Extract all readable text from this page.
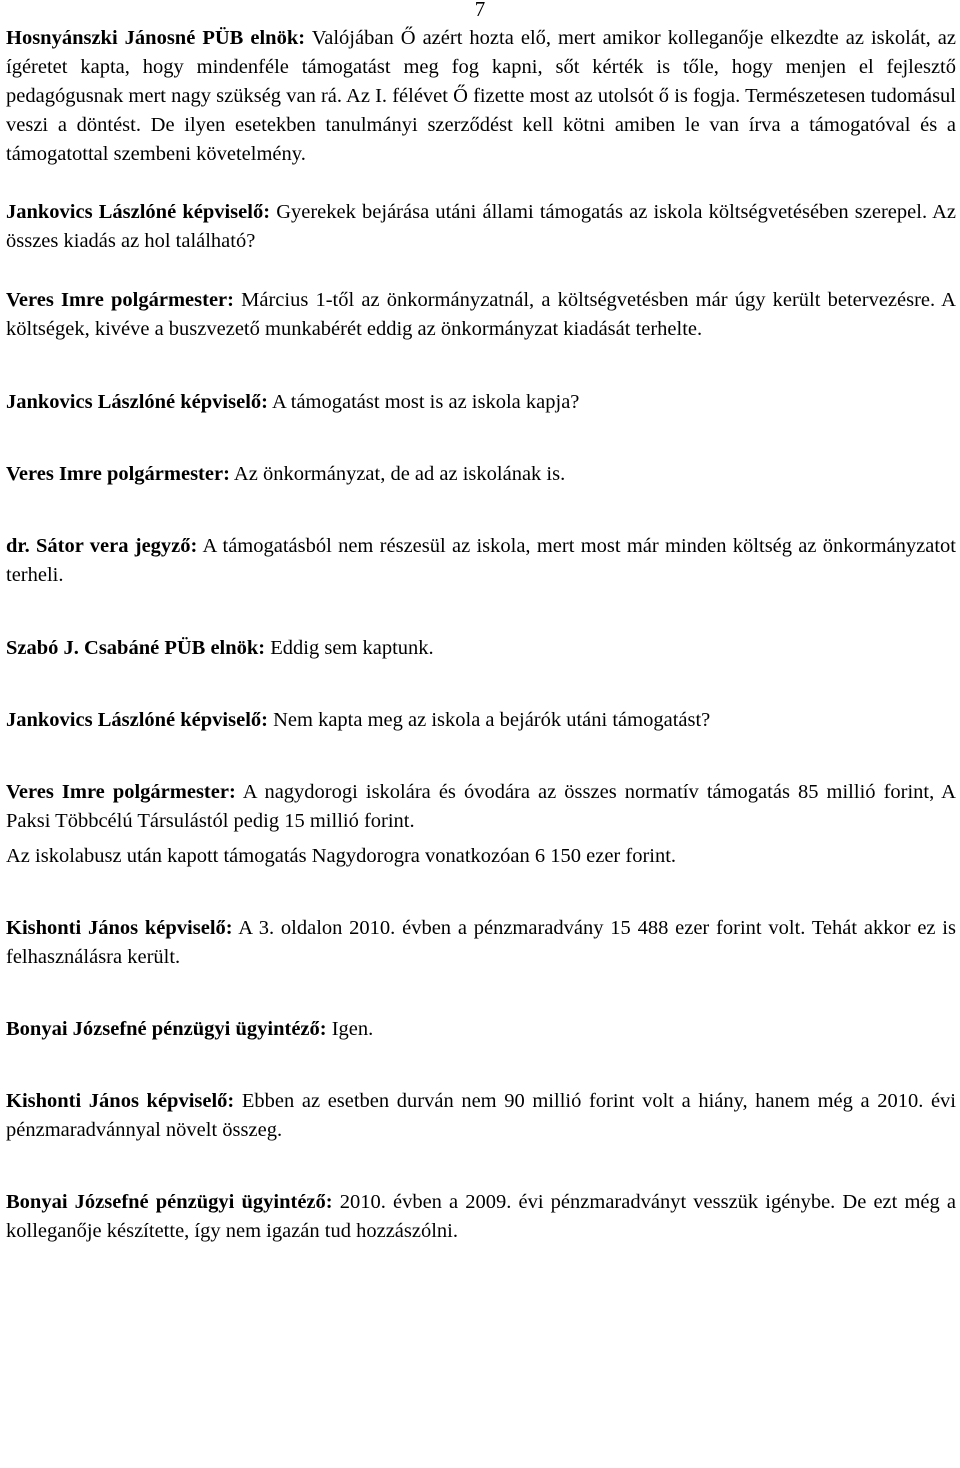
7

Hosnyánszki Jánosné PÜB elnök: Valójában Ő azért hozta elő, mert amikor kolleganője elkezdte az iskolát, az ígéretet kapta, hogy mindenféle támogatást meg fog kapni, sőt kérték is tőle, hogy menjen el fejlesztő pedagógusnak mert nagy szükség van rá. Az I. félévet Ő fizette most az utolsót ő is fogja. Természetesen tudomásul veszi a döntést. De ilyen esetekben tanulmányi szerződést kell kötni amiben le van írva a támogatóval és a támogatottal szembeni követelmény.

Jankovics Lászlóné képviselő: Gyerekek bejárása utáni állami támogatás az iskola költségvetésében szerepel. Az összes kiadás az hol található?

Veres Imre polgármester: Március 1-től az önkormányzatnál, a költségvetésben már úgy került betervezésre. A költségek, kivéve a buszvezető munkabérét eddig az önkormányzat kiadását terhelte.

Jankovics Lászlóné képviselő: A támogatást most is az iskola kapja?

Veres Imre polgármester: Az önkormányzat, de ad az iskolának is.

dr. Sátor vera jegyző: A támogatásból nem részesül az iskola, mert most már minden költség az önkormányzatot terheli.

Szabó J. Csabáné PÜB elnök: Eddig sem kaptunk.

Jankovics Lászlóné képviselő: Nem kapta meg az iskola a bejárók utáni támogatást?

Veres Imre polgármester: A nagydorogi iskolára és óvodára az összes normatív támogatás 85 millió forint, A Paksi Többcélú Társulástól pedig 15 millió forint.

Az iskolabusz után kapott támogatás Nagydorogra vonatkozóan 6 150 ezer forint.

Kishonti János képviselő: A 3. oldalon 2010. évben a pénzmaradvány 15 488 ezer forint volt. Tehát akkor ez is felhasználásra került.

Bonyai Józsefné pénzügyi ügyintéző: Igen.

Kishonti János képviselő: Ebben az esetben durván nem 90 millió forint volt a hiány, hanem még a 2010. évi pénzmaradvánnyal növelt összeg.

Bonyai Józsefné pénzügyi ügyintéző: 2010. évben a 2009. évi pénzmaradványt vesszük igénybe. De ezt még a kolleganője készítette, így nem igazán tud hozzászólni.
